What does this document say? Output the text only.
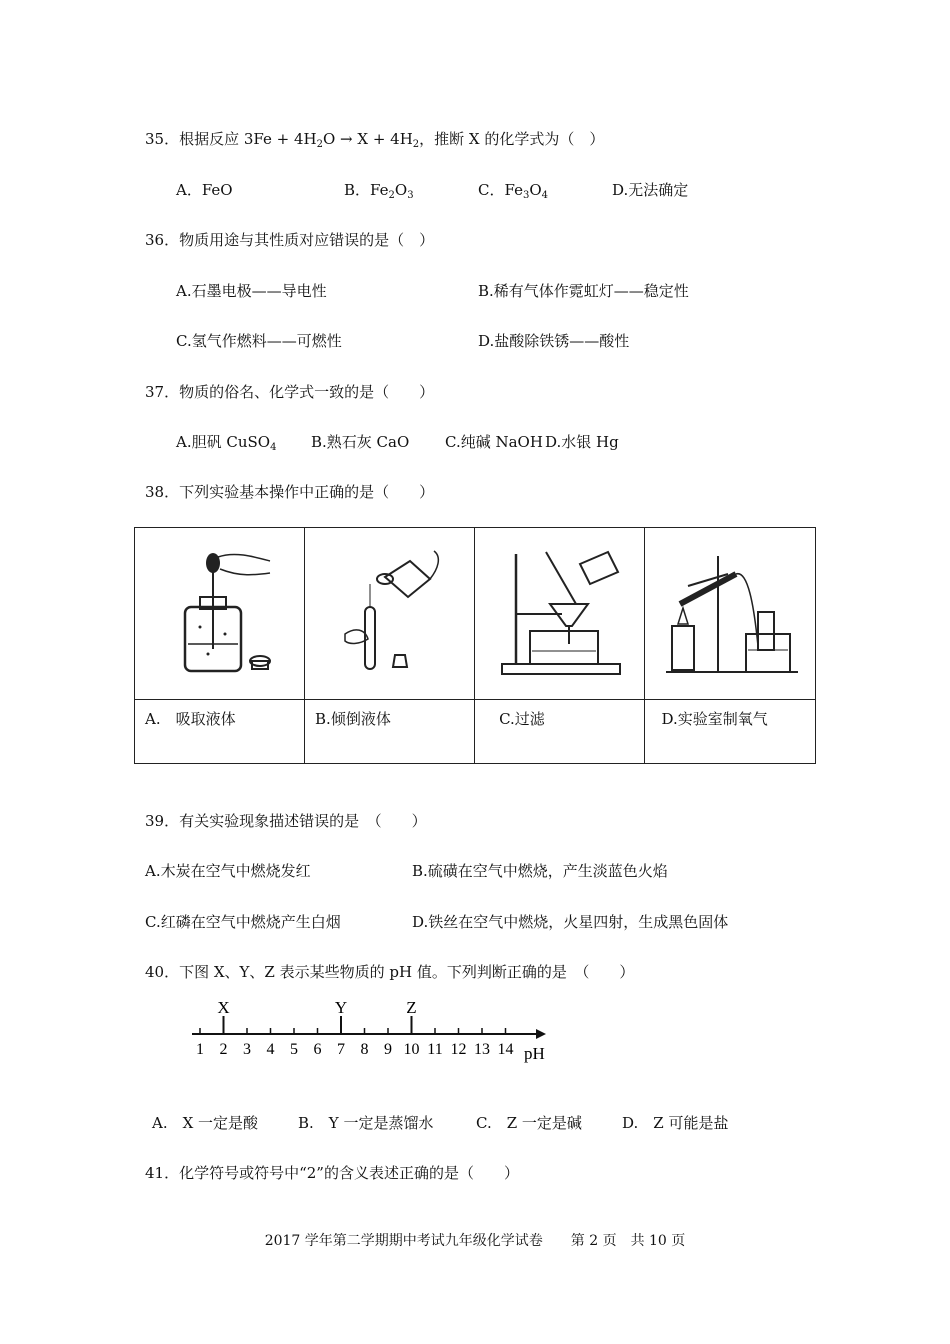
35．根据反应 $3Fe + 4H_2O \to X + 4H_2$，推断 X 的化学式为（　）
A．FeO	B．$Fe_2O_3$	C．$Fe_3O_4$	D.无法确定
36．物质用途与其性质对应错误的是（　）
A.石墨电极——导电性	B.稀有气体作霓虹灯——稳定性
C.氢气作燃料——可燃性	D.盐酸除铁锈——酸性
37．物质的俗名、化学式一致的是（　　）
A.胆矾 CuSO$_4$ B.熟石灰 CaO C.纯碱 NaOH D.水银 Hg
38．下列实验基本操作中正确的是（　　）

A.　吸取液体	B.倾倒液体	C.过滤	D.实验室制氧气
39．有关实验现象描述错误的是　（　　）
A.木炭在空气中燃烧发红	B.硫磺在空气中燃烧，产生淡蓝色火焰
C.红磷在空气中燃烧产生白烟	D.铁丝在空气中燃烧，火星四射，生成黑色固体
40．下图 X、Y、Z 表示某些物质的 pH 值。下列判断正确的是　（　　）
1 2 3 4 5 6 7 8 9 10 11 12 13 14
X	Y	Z
pH
A.　X 一定是酸	B.　Y 一定是蒸馏水	C.　Z 一定是碱	D.　Z 可能是盐
41．化学符号或符号中“2”的含义表述正确的是（　　）
2017 学年第二学期期中考试九年级化学试卷　　第 2 页　共 10 页
